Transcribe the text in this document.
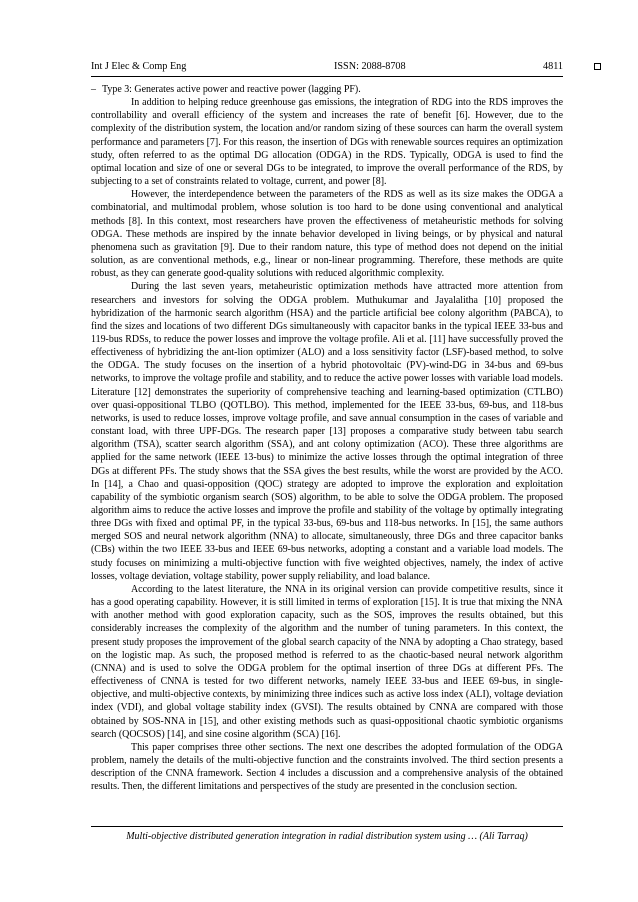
Int J Elec & Comp Eng	ISSN: 2088-8708	4811
– Type 3: Generates active power and reactive power (lagging PF).

In addition to helping reduce greenhouse gas emissions, the integration of RDG into the RDS improves the controllability and overall efficiency of the system and increases the rate of benefit [6]. However, due to the complexity of the distribution system, the location and/or random sizing of these sources can harm the overall system performance and parameters [7]. For this reason, the insertion of DGs with renewable sources requires an optimization study, often referred to as the optimal DG allocation (ODGA) in the RDS. Typically, ODGA is used to find the optimal location and size of one or several DGs to be integrated, to improve the overall performance of the RDS, by subjecting to a set of constraints related to voltage, current, and power [8].

However, the interdependence between the parameters of the RDS as well as its size makes the ODGA a combinatorial, and multimodal problem, whose solution is too hard to be done using conventional and analytical methods [8]. In this context, most researchers have proven the effectiveness of metaheuristic methods for solving ODGA. These methods are inspired by the innate behavior developed in living beings, or by physical and natural phenomena such as gravitation [9]. Due to their random nature, this type of method does not depend on the initial solution, as are conventional methods, e.g., linear or non-linear programming. Therefore, these methods are quite robust, as they can generate good-quality solutions with reduced algorithmic complexity.

During the last seven years, metaheuristic optimization methods have attracted more attention from researchers and investors for solving the ODGA problem. Muthukumar and Jayalalitha [10] proposed the hybridization of the harmonic search algorithm (HSA) and the particle artificial bee colony algorithm (PABCA), to find the sizes and locations of two different DGs simultaneously with capacitor banks in the typical IEEE 33-bus and 119-bus RDSs, to reduce the power losses and improve the voltage profile. Ali et al. [11] have successfully proved the effectiveness of hybridizing the ant-lion optimizer (ALO) and a loss sensitivity factor (LSF)-based method, to solve the ODGA. The study focuses on the insertion of a hybrid photovoltaic (PV)-wind-DG in 34-bus and 69-bus networks, to improve the voltage profile and stability, and to reduce the active power losses with variable load models. Literature [12] demonstrates the superiority of comprehensive teaching and learning-based optimization (CTLBO) over quasi-oppositional TLBO (QOTLBO). This method, implemented for the IEEE 33-bus, 69-bus, and 118-bus networks, is used to reduce losses, improve voltage profile, and save annual consumption in the cases of variable and constant load, with three UPF-DGs. The research paper [13] proposes a comparative study between tabu search algorithm (TSA), scatter search algorithm (SSA), and ant colony optimization (ACO). These three algorithms are applied for the same network (IEEE 13-bus) to minimize the active losses through the optimal integration of three DGs at different PFs. The study shows that the SSA gives the best results, while the worst are provided by the ACO. In [14], a Chao and quasi-opposition (QOC) strategy are adopted to improve the exploration and exploitation capability of the symbiotic organism search (SOS) algorithm, to be able to solve the ODGA problem. The proposed algorithm aims to reduce the active losses and improve the profile and stability of the voltage by optimally integrating three DGs with fixed and optimal PF, in the typical 33-bus, 69-bus and 118-bus networks. In [15], the same authors merged SOS and neural network algorithm (NNA) to allocate, simultaneously, three DGs and three capacitor banks (CBs) within the two IEEE 33-bus and IEEE 69-bus networks, adopting a constant and a variable load models. The study focuses on minimizing a multi-objective function with five weighted objectives, namely, the index of active losses, voltage deviation, voltage stability, power supply reliability, and load balance.

According to the latest literature, the NNA in its original version can provide competitive results, since it has a good operating capability. However, it is still limited in terms of exploration [15]. It is true that mixing the NNA with another method with good exploration capacity, such as the SOS, improves the results obtained, but this considerably increases the complexity of the algorithm and the number of tuning parameters. In this context, the present study proposes the improvement of the global search capacity of the NNA by adopting a Chao strategy, based on the logistic map. As such, the proposed method is referred to as the chaotic-based neural network algorithm (CNNA) and is used to solve the ODGA problem for the optimal insertion of three DGs at different PFs. The effectiveness of CNNA is tested for two different networks, namely IEEE 33-bus and IEEE 69-bus, in single-objective, and multi-objective contexts, by minimizing three indices such as active loss index (ALI), voltage deviation index (VDI), and global voltage stability index (GVSI). The results obtained by CNNA are compared with those obtained by SOS-NNA in [15], and other existing methods such as quasi-oppositional chaotic symbiotic organisms search (QOCSOS) [14], and sine cosine algorithm (SCA) [16].

This paper comprises three other sections. The next one describes the adopted formulation of the ODGA problem, namely the details of the multi-objective function and the constraints involved. The third section presents a description of the CNNA framework. Section 4 includes a discussion and a comprehensive analysis of the obtained results. Then, the different limitations and perspectives of the study are presented in the conclusion section.

Multi-objective distributed generation integration in radial distribution system using … (Ali Tarraq)
